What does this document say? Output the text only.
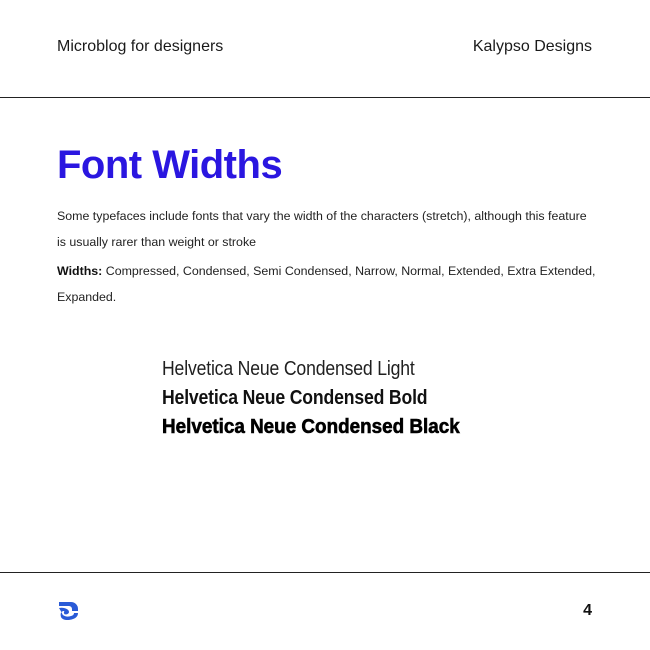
Microblog for designers	Kalypso Designs
Font Widths

Some typefaces include fonts that vary the width of the characters (stretch), although this feature is usually rarer than weight or stroke

Widths: Compressed, Condensed, Semi Condensed, Narrow, Normal, Extended, Extra Extended, Expanded.

Helvetica Neue Condensed Light
Helvetica Neue Condensed Bold
Helvetica Neue Condensed Black
4
